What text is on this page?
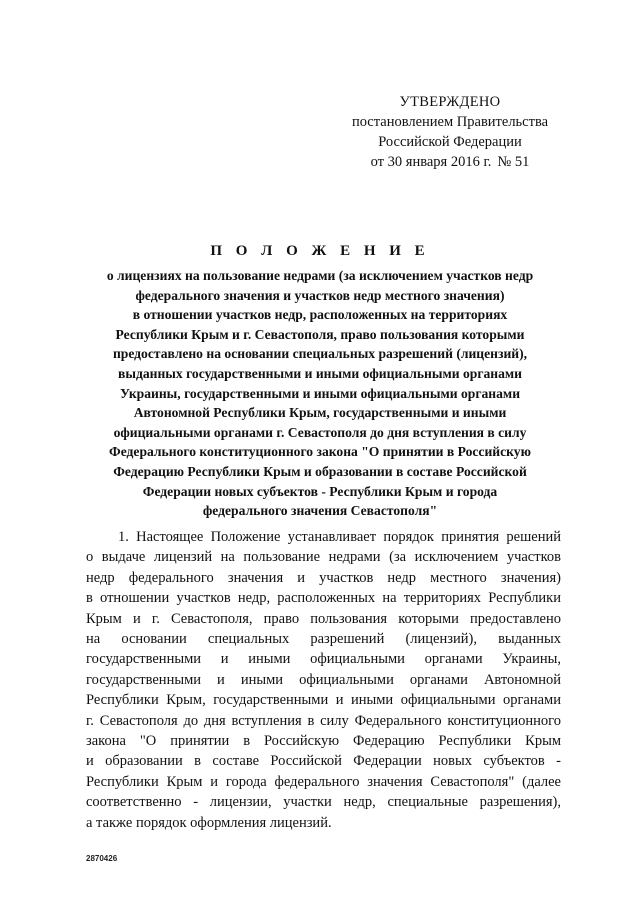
УТВЕРЖДЕНО
постановлением Правительства
Российской Федерации
от 30 января 2016 г. № 51
П О Л О Ж Е Н И Е
о лицензиях на пользование недрами (за исключением участков недр
федерального значения и участков недр местного значения)
в отношении участков недр, расположенных на территориях
Республики Крым и г. Севастополя, право пользования которыми
предоставлено на основании специальных разрешений (лицензий),
выданных государственными и иными официальными органами
Украины, государственными и иными официальными органами
Автономной Республики Крым, государственными и иными
официальными органами г. Севастополя до дня вступления в силу
Федерального конституционного закона "О принятии в Российскую
Федерацию Республики Крым и образовании в составе Российской
Федерации новых субъектов - Республики Крым и города
федерального значения Севастополя"
1. Настоящее Положение устанавливает порядок принятия решений
о выдаче лицензий на пользование недрами (за исключением участков
недр федерального значения и участков недр местного значения)
в отношении участков недр, расположенных на территориях Республики
Крым и г. Севастополя, право пользования которыми предоставлено
на основании специальных разрешений (лицензий), выданных
государственными и иными официальными органами Украины,
государственными и иными официальными органами Автономной
Республики Крым, государственными и иными официальными органами
г. Севастополя до дня вступления в силу Федерального конституционного
закона "О принятии в Российскую Федерацию Республики Крым
и образовании в составе Российской Федерации новых субъектов -
Республики Крым и города федерального значения Севастополя" (далее
соответственно - лицензии, участки недр, специальные разрешения),
а также порядок оформления лицензий.
2870426
